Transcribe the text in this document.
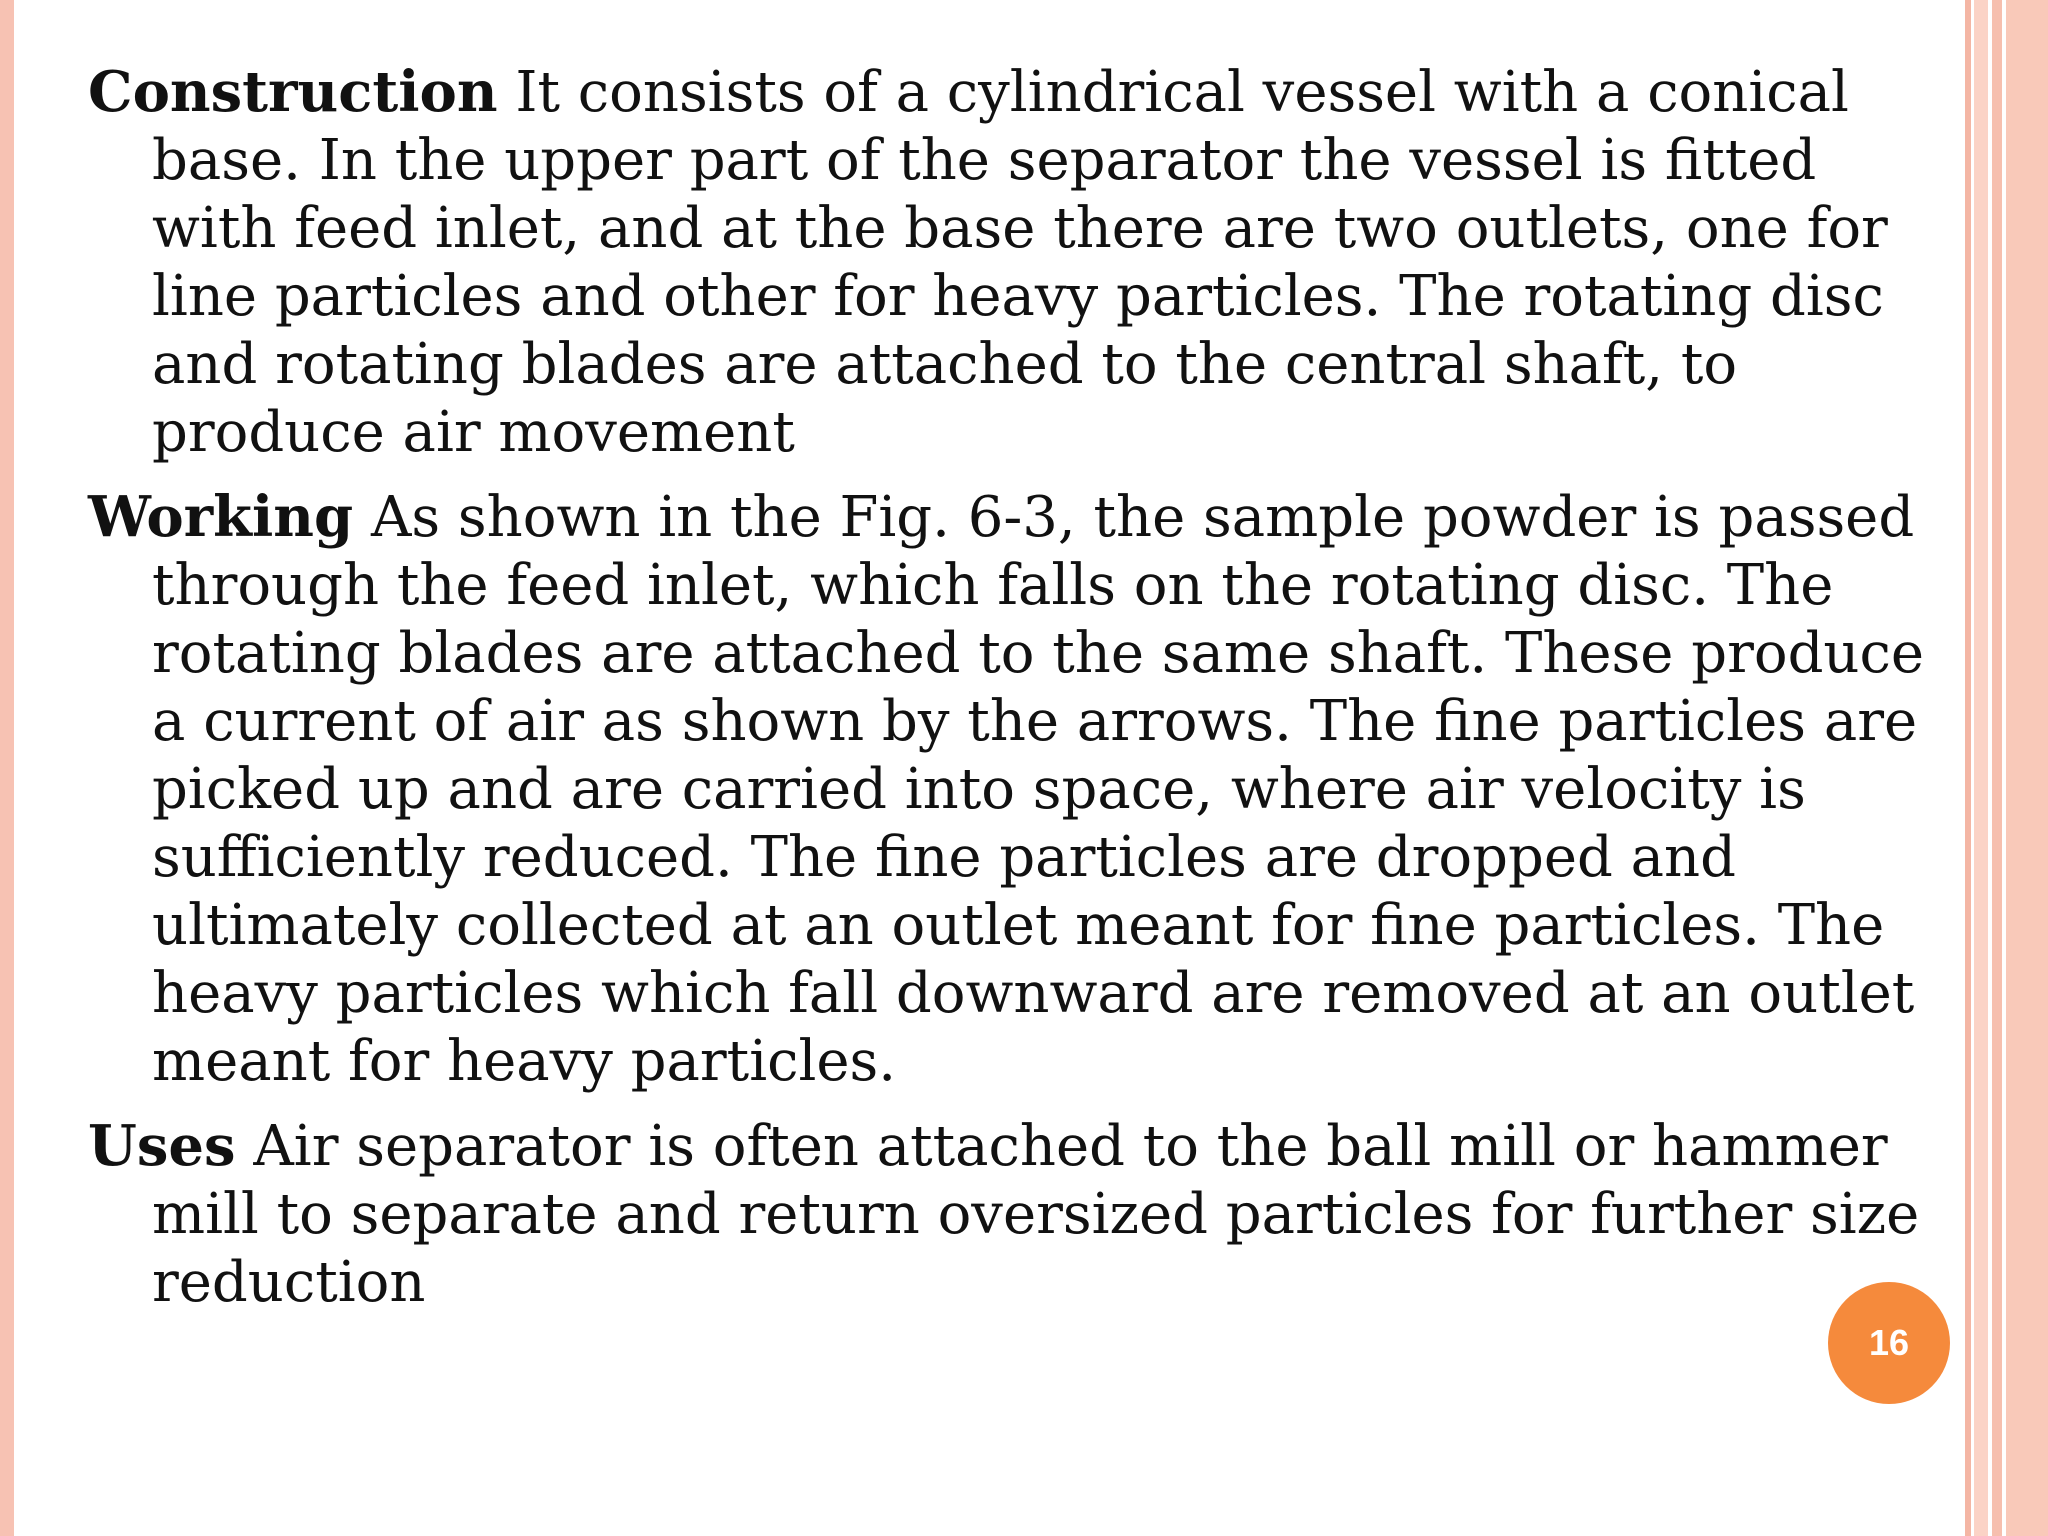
Construction It consists of a cylindrical vessel with a conical base. In the upper part of the separator the vessel is fitted with feed inlet, and at the base there are two outlets, one for line particles and other for heavy particles. The rotating disc and rotating blades are attached to the central shaft, to produce air movement

Working As shown in the Fig. 6-3, the sample powder is passed through the feed inlet, which falls on the rotating disc. The rotating blades are attached to the same shaft. These produce a current of air as shown by the arrows. The fine particles are picked up and are carried into space, where air velocity is sufficiently reduced. The fine particles are dropped and ultimately collected at an outlet meant for fine particles. The heavy particles which fall downward are removed at an outlet meant for heavy particles.

Uses Air separator is often attached to the ball mill or hammer mill to separate and return oversized particles for further size reduction

16
